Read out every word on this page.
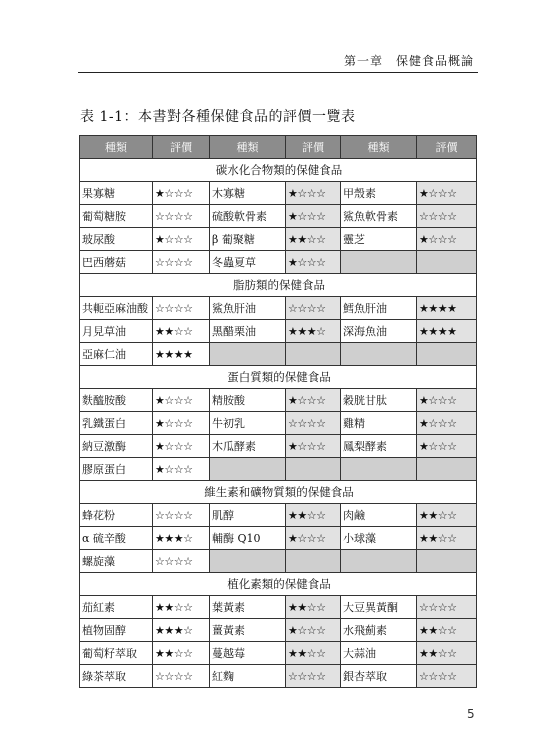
第一章　保健食品概論
表 1-1：本書對各種保健食品的評價一覽表
種類	評價	種類	評價	種類	評價
碳水化合物類的保健食品					
果寡糖	★☆☆☆	木寡糖	★☆☆☆	甲殼素	★☆☆☆
葡萄糖胺	☆☆☆☆	硫酸軟骨素	★☆☆☆	鯊魚軟骨素	☆☆☆☆
玻尿酸	★☆☆☆	β 葡聚糖	★★☆☆	靈芝	★☆☆☆
巴西蘑菇	☆☆☆☆	冬蟲夏草	★☆☆☆		
脂肪類的保健食品					
共軛亞麻油酸	☆☆☆☆	鯊魚肝油	☆☆☆☆	鱈魚肝油	★★★★
月見草油	★★☆☆	黑醋栗油	★★★☆	深海魚油	★★★★
亞麻仁油	★★★★				
蛋白質類的保健食品					
麩醯胺酸	★☆☆☆	精胺酸	★☆☆☆	穀胱甘肽	★☆☆☆
乳鐵蛋白	★☆☆☆	牛初乳	☆☆☆☆	雞精	★☆☆☆
納豆激酶	★☆☆☆	木瓜酵素	★☆☆☆	鳳梨酵素	★☆☆☆
膠原蛋白	★☆☆☆				
維生素和礦物質類的保健食品					
蜂花粉	☆☆☆☆	肌醇	★★☆☆	肉鹼	★★☆☆
α 硫辛酸	★★★☆	輔酶 Q10	★☆☆☆	小球藻	★★☆☆
螺旋藻	☆☆☆☆				
植化素類的保健食品					
茄紅素	★★☆☆	葉黃素	★★☆☆	大豆異黃酮	☆☆☆☆
植物固醇	★★★☆	薑黃素	★☆☆☆	水飛薊素	★★☆☆
葡萄籽萃取	★★☆☆	蔓越莓	★★☆☆	大蒜油	★★☆☆
綠茶萃取	☆☆☆☆	紅麴	☆☆☆☆	銀杏萃取	☆☆☆☆
5
